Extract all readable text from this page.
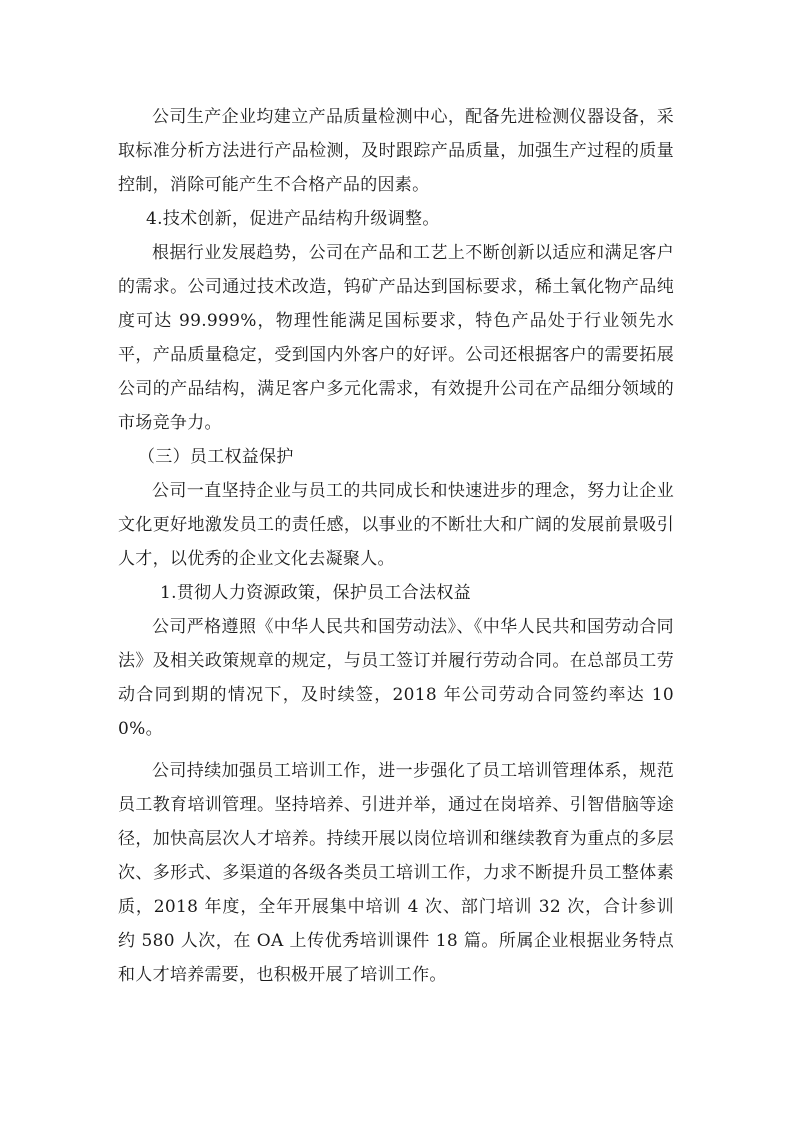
公司生产企业均建立产品质量检测中心，配备先进检测仪器设备，采取标准分析方法进行产品检测，及时跟踪产品质量，加强生产过程的质量控制，消除可能产生不合格产品的因素。

4.技术创新，促进产品结构升级调整。

根据行业发展趋势，公司在产品和工艺上不断创新以适应和满足客户的需求。公司通过技术改造，钨矿产品达到国标要求，稀土氧化物产品纯度可达 99.999%，物理性能满足国标要求，特色产品处于行业领先水平，产品质量稳定，受到国内外客户的好评。公司还根据客户的需要拓展公司的产品结构，满足客户多元化需求，有效提升公司在产品细分领域的市场竞争力。

（三）员工权益保护

公司一直坚持企业与员工的共同成长和快速进步的理念，努力让企业文化更好地激发员工的责任感，以事业的不断壮大和广阔的发展前景吸引人才，以优秀的企业文化去凝聚人。

1.贯彻人力资源政策，保护员工合法权益

公司严格遵照《中华人民共和国劳动法》、《中华人民共和国劳动合同法》及相关政策规章的规定，与员工签订并履行劳动合同。在总部员工劳动合同到期的情况下，及时续签，2018 年公司劳动合同签约率达 100%。

公司持续加强员工培训工作，进一步强化了员工培训管理体系，规范员工教育培训管理。坚持培养、引进并举，通过在岗培养、引智借脑等途径，加快高层次人才培养。持续开展以岗位培训和继续教育为重点的多层次、多形式、多渠道的各级各类员工培训工作，力求不断提升员工整体素质，2018 年度，全年开展集中培训 4 次、部门培训 32 次，合计参训约 580 人次，在 OA 上传优秀培训课件 18 篇。所属企业根据业务特点和人才培养需要，也积极开展了培训工作。
